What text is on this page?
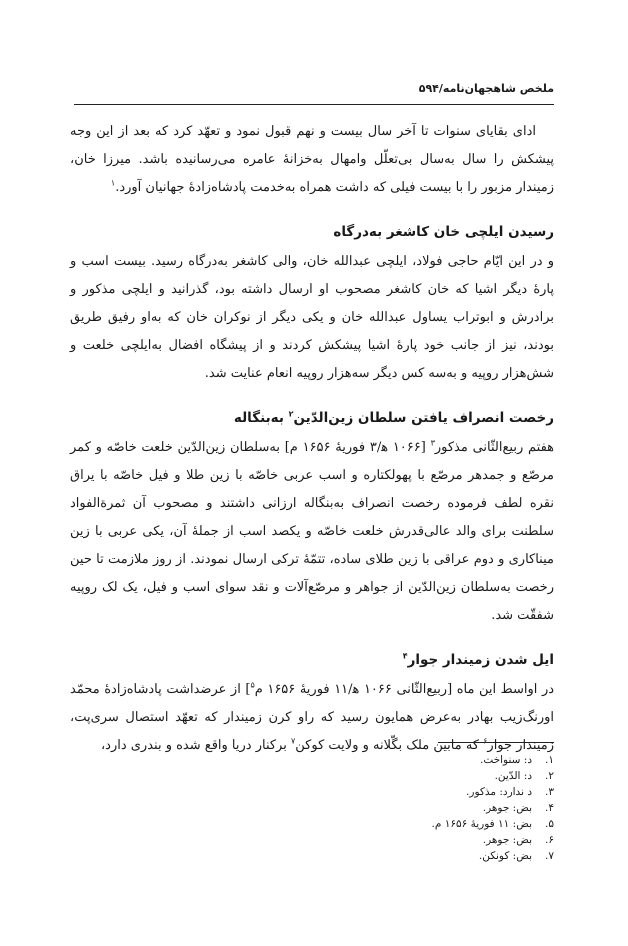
ملخص شاهجهان‌نامه/۵۹۴

ادای بقایای سنوات تا آخر سال بیست و نهم قبول نمود و تعهّد کرد که بعد از این وجه پیشکش را سال به‌سال بی‌تعلّل وامهال به‌خزانهٔ عامره می‌رسانیده باشد. میرزا خان، زمیندار مزبور را با بیست فیلی که داشت همراه به‌خدمت پادشاه‌زادهٔ جهانیان آورد.$^۱$

رسیدن ایلچی خان کاشغر به‌درگاه

و در این ایّام حاجی فولاد، ایلچی عبدالله خان، والی کاشغر به‌درگاه رسید. بیست اسب و پارهٔ دیگر اشیا که خان کاشغر مصحوب او ارسال داشته بود، گذرانید و ایلچی مذکور و برادرش و ابوتراب یساول عبدالله خان و یکی دیگر از نوکران خان که به‌او رفیق طریق بودند، نیز از جانب خود پارهٔ اشیا پیشکش کردند و از پیشگاه افضال به‌ایلچی خلعت و شش‌هزار روپیه و به‌سه کس دیگر سه‌هزار روپیه انعام عنایت شد.

رخصت انصراف یافتن سلطان زین‌الدّین$^۲$ به‌بنگاله

هفتم ربیع‌الثّانی مذکور$^۳$ [۱۰۶۶ ﻫ/۳ فوریهٔ ۱۶۵۶ م] به‌سلطان زین‌الدّین خلعت خاصّه و کمر مرصّع و جمدهر مرصّع با پهولکتاره و اسب عربی خاصّه با زین طلا و فیل خاصّه با یراق نقره لطف فرموده رخصت انصراف به‌بنگاله ارزانی داشتند و مصحوب آن ثمرةالفواد سلطنت برای والد عالی‌قدرش خلعت خاصّه و یکصد اسب از جملهٔ آن، یکی عربی با زین میناکاری و دوم عراقی با زین طلای ساده، تتمّهٔ ترکی ارسال نمودند. از روز ملازمت تا حین رخصت به‌سلطان زین‌الدّین از جواهر و مرصّع‌آلات و نقد سوای اسب و فیل، یک لک روپیه شفقّت شد.

ایل شدن زمیندار جوار$^۴$

در اواسط این ماه [ربیع‌الثّانی ۱۰۶۶ ﻫ/۱۱ فوریهٔ ۱۶۵۶ م$^۵$] از عرضداشت پادشاه‌زادهٔ محمّد اورنگ‌زیب بهادر به‌عرض همایون رسید که راو کرن زمیندار که تعهّد استصال سری‌پت، زمیندار جوار$^۶$ که مابین ملک بگّلانه و ولایت کوکن$^۷$ برکنار دریا واقع شده و بندری دارد،

۱.
د: سنواخت.
۲.
د: الدّین.
۳.
د ندارد: مذکور.
۴.
بض: جوهر.
۵.
بض: ۱۱ فوریهٔ ۱۶۵۶ م.
۶.
بض: جوهر.
۷.
بض: کونکن.
